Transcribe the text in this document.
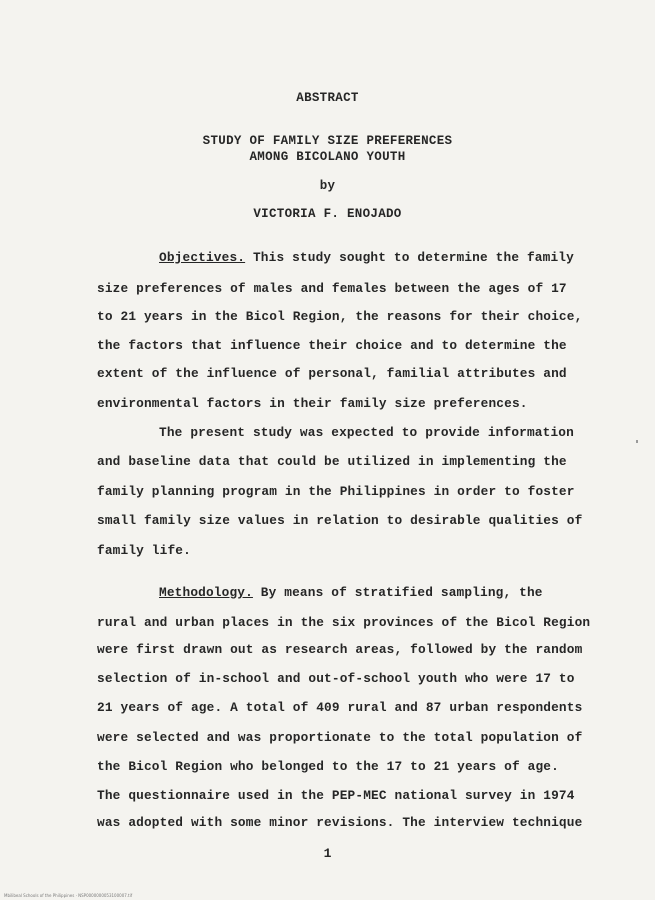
ABSTRACT
STUDY OF FAMILY SIZE PREFERENCES
AMONG BICOLANO YOUTH
by
VICTORIA F. ENOJADO
Objectives. This study sought to determine the family
size preferences of males and females between the ages of 17
to 21 years in the Bicol Region, the reasons for their choice,
the factors that influence their choice and to determine the
extent of the influence of personal, familial attributes and
environmental factors in their family size preferences.
The present study was expected to provide information
and baseline data that could be utilized in implementing the
family planning program in the Philippines in order to foster
small family size values in relation to desirable qualities of
family life.
Methodology. By means of stratified sampling, the
rural and urban places in the six provinces of the Bicol Region
were first drawn out as research areas, followed by the random
selection of in-school and out-of-school youth who were 17 to
21 years of age. A total of 409 rural and 87 urban respondents
were selected and was proportionate to the total population of
the Bicol Region who belonged to the 17 to 21 years of age.
The questionnaire used in the PEP-MEC national survey in 1974
was adopted with some minor revisions. The interview technique
1
Mbilibeal Schools of the Philippines · NSP0000000053100007.tif
